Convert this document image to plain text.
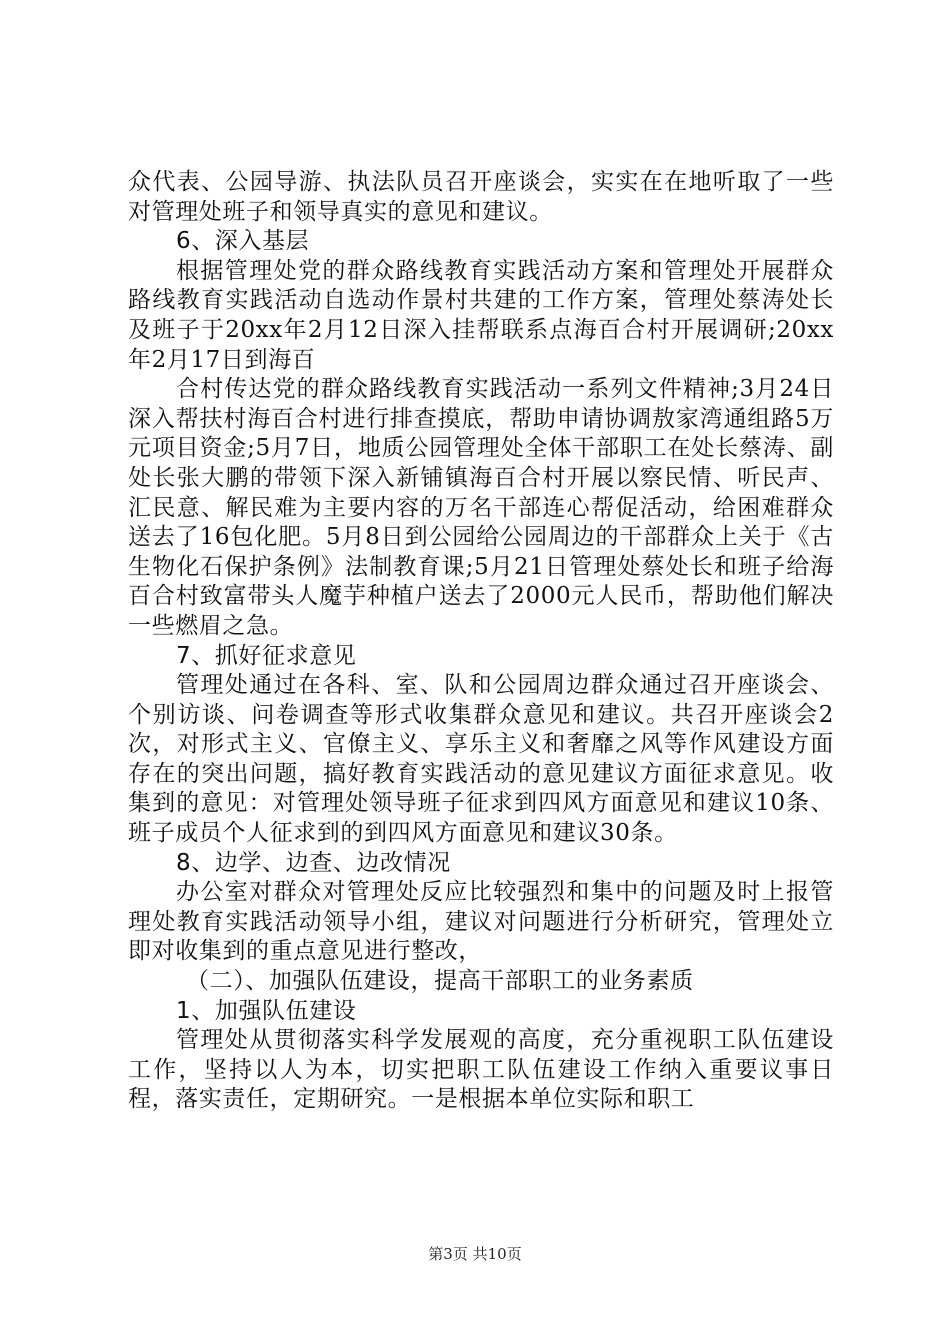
众代表、公园导游、执法队员召开座谈会，实实在在地听取了一些对管理处班子和领导真实的意见和建议。

6、深入基层

根据管理处党的群众路线教育实践活动方案和管理处开展群众路线教育实践活动自选动作景村共建的工作方案，管理处蔡涛处长及班子于20xx年2月12日深入挂帮联系点海百合村开展调研;20xx年2月17日到海百

合村传达党的群众路线教育实践活动一系列文件精神;3月24日深入帮扶村海百合村进行排查摸底，帮助申请协调敖家湾通组路5万元项目资金;5月7日，地质公园管理处全体干部职工在处长蔡涛、副处长张大鹏的带领下深入新铺镇海百合村开展以察民情、听民声、汇民意、解民难为主要内容的万名干部连心帮促活动，给困难群众送去了16包化肥。5月8日到公园给公园周边的干部群众上关于《古生物化石保护条例》法制教育课;5月21日管理处蔡处长和班子给海百合村致富带头人魔芋种植户送去了2000元人民币，帮助他们解决一些燃眉之急。

7、抓好征求意见

管理处通过在各科、室、队和公园周边群众通过召开座谈会、个别访谈、问卷调查等形式收集群众意见和建议。共召开座谈会2次，对形式主义、官僚主义、享乐主义和奢靡之风等作风建设方面存在的突出问题，搞好教育实践活动的意见建议方面征求意见。收集到的意见：对管理处领导班子征求到四风方面意见和建议10条、班子成员个人征求到的到四风方面意见和建议30条。

8、边学、边查、边改情况

办公室对群众对管理处反应比较强烈和集中的问题及时上报管理处教育实践活动领导小组，建议对问题进行分析研究，管理处立即对收集到的重点意见进行整改，

（二）、加强队伍建设，提高干部职工的业务素质

1、加强队伍建设

管理处从贯彻落实科学发展观的高度，充分重视职工队伍建设工作，坚持以人为本，切实把职工队伍建设工作纳入重要议事日程，落实责任，定期研究。一是根据本单位实际和职工

第3页 共10页
